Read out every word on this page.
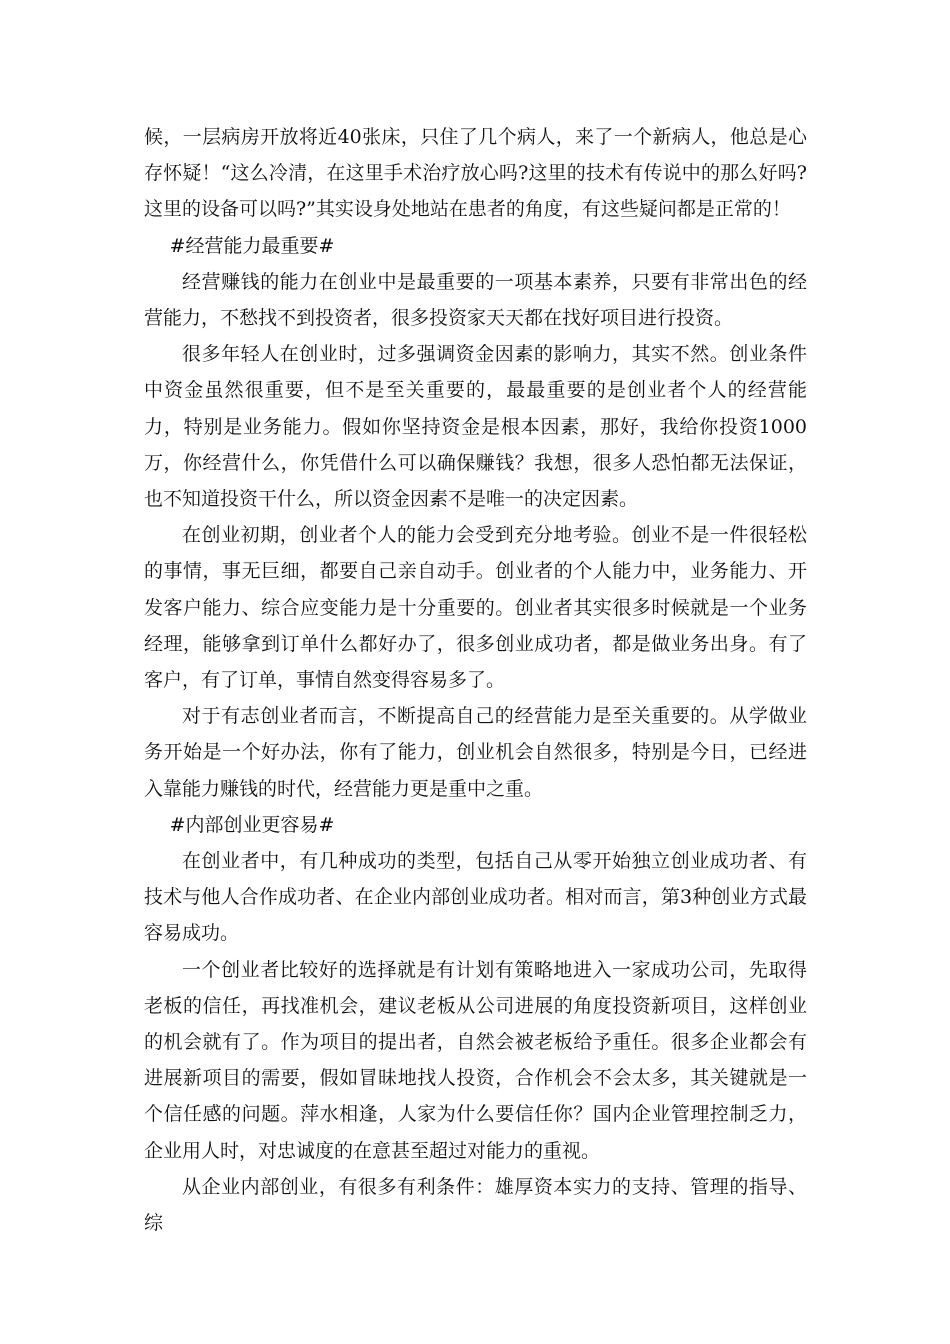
候，一层病房开放将近40张床，只住了几个病人，来了一个新病人，他总是心存怀疑！“这么冷清，在这里手术治疗放心吗?这里的技术有传说中的那么好吗?这里的设备可以吗?”其实设身处地站在患者的角度，有这些疑问都是正常的！

#经营能力最重要#

经营赚钱的能力在创业中是最重要的一项基本素养，只要有非常出色的经营能力，不愁找不到投资者，很多投资家天天都在找好项目进行投资。

很多年轻人在创业时，过多强调资金因素的影响力，其实不然。创业条件中资金虽然很重要，但不是至关重要的，最最重要的是创业者个人的经营能力，特别是业务能力。假如你坚持资金是根本因素，那好，我给你投资1000万，你经营什么，你凭借什么可以确保赚钱？我想，很多人恐怕都无法保证，也不知道投资干什么，所以资金因素不是唯一的决定因素。

在创业初期，创业者个人的能力会受到充分地考验。创业不是一件很轻松的事情，事无巨细，都要自己亲自动手。创业者的个人能力中，业务能力、开发客户能力、综合应变能力是十分重要的。创业者其实很多时候就是一个业务经理，能够拿到订单什么都好办了，很多创业成功者，都是做业务出身。有了客户，有了订单，事情自然变得容易多了。

对于有志创业者而言，不断提高自己的经营能力是至关重要的。从学做业务开始是一个好办法，你有了能力，创业机会自然很多，特别是今日，已经进入靠能力赚钱的时代，经营能力更是重中之重。

#内部创业更容易#

在创业者中，有几种成功的类型，包括自己从零开始独立创业成功者、有技术与他人合作成功者、在企业内部创业成功者。相对而言，第3种创业方式最容易成功。

一个创业者比较好的选择就是有计划有策略地进入一家成功公司，先取得老板的信任，再找准机会，建议老板从公司进展的角度投资新项目，这样创业的机会就有了。作为项目的提出者，自然会被老板给予重任。很多企业都会有进展新项目的需要，假如冒昧地找人投资，合作机会不会太多，其关键就是一个信任感的问题。萍水相逢，人家为什么要信任你？国内企业管理控制乏力，企业用人时，对忠诚度的在意甚至超过对能力的重视。

从企业内部创业，有很多有利条件：雄厚资本实力的支持、管理的指导、综
